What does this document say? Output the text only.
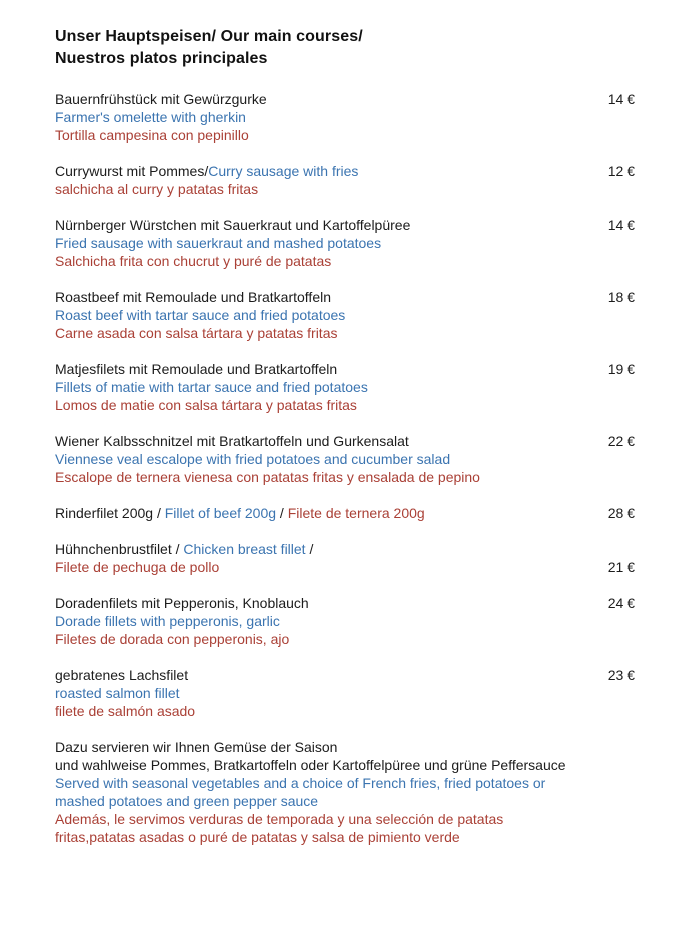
Unser Hauptspeisen/ Our main courses/
Nuestros platos principales
Bauernfrühstück mit Gewürzgurke	14 €
Farmer's omelette with gherkin
Tortilla campesina con pepinillo
Currywurst mit Pommes/Curry sausage with fries	12 €
salchicha al curry y patatas fritas
Nürnberger Würstchen mit Sauerkraut und Kartoffelpüree	14 €
Fried sausage with sauerkraut and mashed potatoes
Salchicha frita con chucrut y puré de patatas
Roastbeef mit Remoulade und Bratkartoffeln	18 €
Roast beef with tartar sauce and fried potatoes
Carne asada con salsa tártara y patatas fritas
Matjesfilets mit Remoulade und Bratkartoffeln	19 €
Fillets of matie with tartar sauce and fried potatoes
Lomos de matie con salsa tártara y patatas fritas
Wiener Kalbsschnitzel mit Bratkartoffeln und Gurkensalat	22 €
Viennese veal escalope with fried potatoes and cucumber salad
Escalope de ternera vienesa con patatas fritas y ensalada de pepino
Rinderfilet 200g / Fillet of beef 200g / Filete de ternera 200g	28 €
Hühnchenbrustfilet / Chicken breast fillet /
Filete de pechuga de pollo	21 €
Doradenfilets mit Pepperonis, Knoblauch	24 €
Dorade fillets with pepperonis, garlic
Filetes de dorada con pepperonis, ajo
gebratenes Lachsfilet	23 €
roasted salmon fillet
filete de salmón asado
Dazu servieren wir Ihnen Gemüse der Saison
und wahlweise Pommes, Bratkartoffeln oder Kartoffelpüree und grüne Peffersauce
Served with seasonal vegetables and a choice of French fries, fried potatoes or
mashed potatoes and green pepper sauce
Además, le servimos verduras de temporada y una selección de patatas
fritas,patatas asadas o puré de patatas y salsa de pimiento verde
